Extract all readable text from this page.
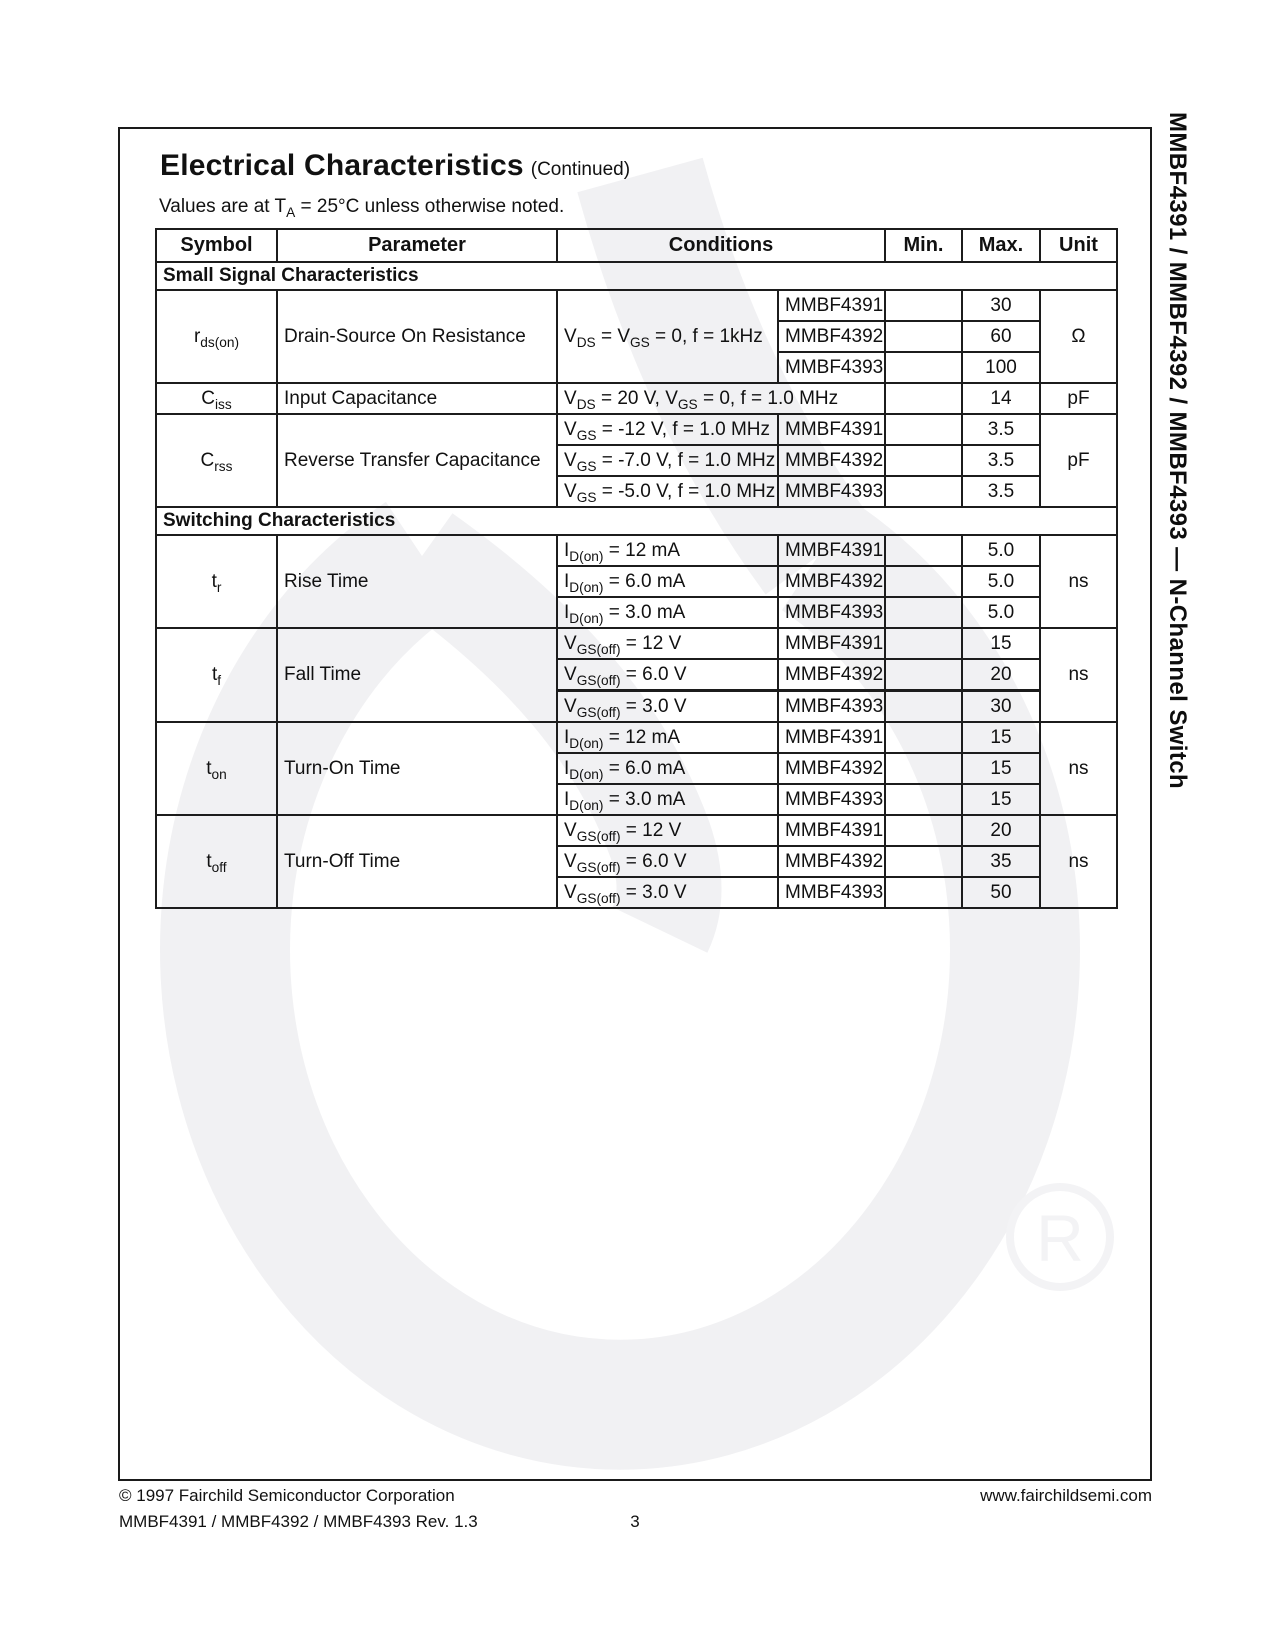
R
MMBF4391 / MMBF4392 / MMBF4393 — N-Channel Switch
Electrical Characteristics (Continued)
Values are at $T_A = 25^\circ C$ unless otherwise noted.
Symbol	Parameter	Conditions		Min.	Max.	Unit
Small Signal Characteristics						
$r_{ds(on)}$	Drain-Source On Resistance	$V_{DS} = V_{GS} = 0$, f = 1kHz	MMBF4391		30	Ω
			MMBF4392		60	
			MMBF4393		100	
$C_{iss}$	Input Capacitance	$V_{DS} = 20$ V, $V_{GS} = 0$, f = 1.0 MHz			14	pF
$C_{rss}$	Reverse Transfer Capacitance	$V_{GS} = -12$ V, f = 1.0 MHz	MMBF4391		3.5	pF
		$V_{GS} = -7.0$ V, f = 1.0 MHz	MMBF4392		3.5	
		$V_{GS} = -5.0$ V, f = 1.0 MHz	MMBF4393		3.5	
Switching Characteristics						
$t_r$	Rise Time	$I_{D(on)} = 12$ mA	MMBF4391		5.0	ns
		$I_{D(on)} = 6.0$ mA	MMBF4392		5.0	
		$I_{D(on)} = 3.0$ mA	MMBF4393		5.0	
$t_f$	Fall Time	$V_{GS(off)} = 12$ V	MMBF4391		15	ns
		$V_{GS(off)} = 6.0$ V	MMBF4392		20	
		$V_{GS(off)} = 3.0$ V	MMBF4393		30	
$t_{on}$	Turn-On Time	$I_{D(on)} = 12$ mA	MMBF4391		15	ns
		$I_{D(on)} = 6.0$ mA	MMBF4392		15	
		$I_{D(on)} = 3.0$ mA	MMBF4393		15	
$t_{off}$	Turn-Off Time	$V_{GS(off)} = 12$ V	MMBF4391		20	ns
		$V_{GS(off)} = 6.0$ V	MMBF4392		35	
		$V_{GS(off)} = 3.0$ V	MMBF4393		50	
© 1997 Fairchild Semiconductor Corporation	www.fairchildsemi.com
MMBF4391 / MMBF4392 / MMBF4393 Rev. 1.3	3
